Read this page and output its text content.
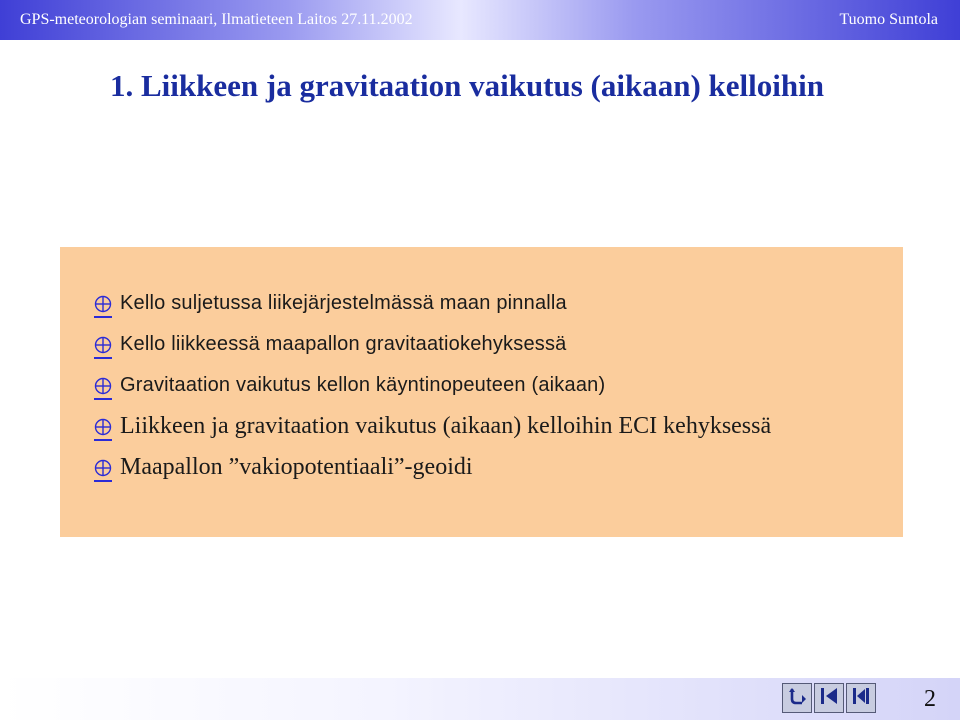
GPS-meteorologian seminaari, Ilmatieteen Laitos 27.11.2002	Tuomo Suntola
1. Liikkeen ja gravitaation vaikutus (aikaan) kelloihin
Kello suljetussa liikejärjestelmässä maan pinnalla
Kello liikkeessä maapallon gravitaatiokehyksessä
Gravitaation vaikutus kellon käyntinopeuteen (aikaan)
Liikkeen ja gravitaation vaikutus (aikaan) kelloihin ECI kehyksessä
Maapallon ”vakiopotentiaali”-geoidi
2
